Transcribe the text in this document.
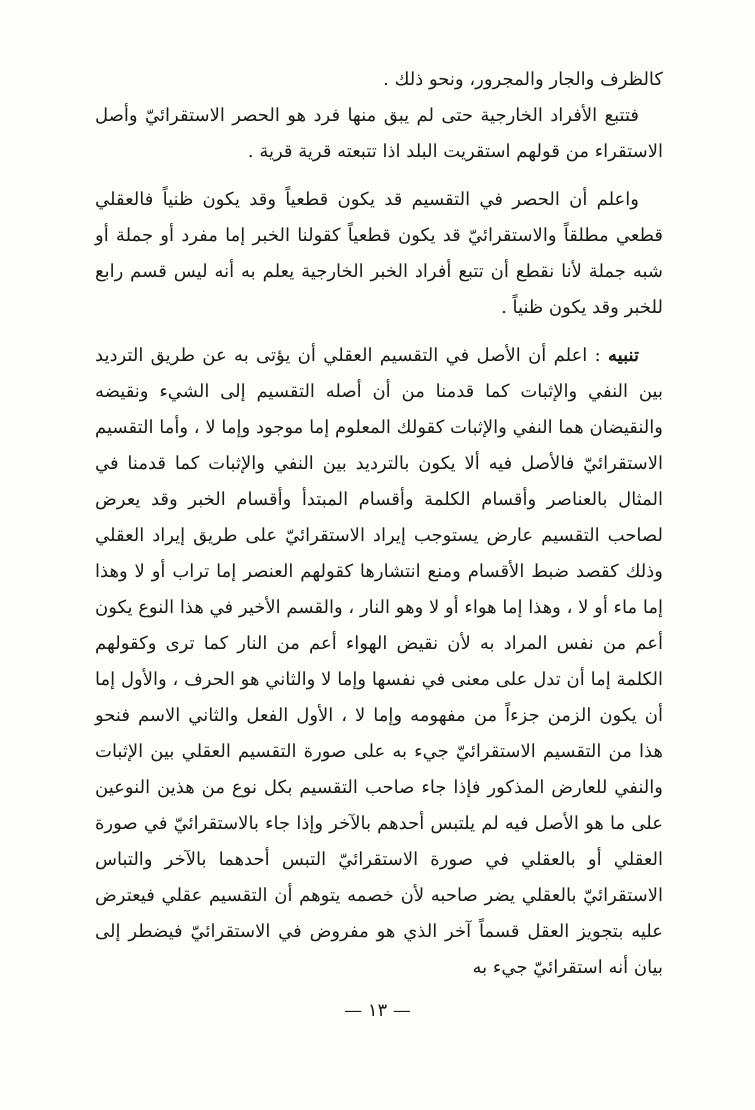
كالظرف والجار والمجرور، ونحو ذلك .

فتتبع الأفراد الخارجية حتى لم يبق منها فرد هو الحصر الاستقرائيّ وأصل الاستقراء من قولهم استقريت البلد اذا تتبعته قرية قرية .

واعلم أن الحصر في التقسيم قد يكون قطعياً وقد يكون ظنياً فالعقلي قطعي مطلقاً والاستقرائيّ قد يكون قطعياً كقولنا الخبر إما مفرد أو جملة أو شبه جملة لأنا نقطع أن تتبع أفراد الخبر الخارجية يعلم به أنه ليس قسم رابع للخبر وقد يكون ظنياً .

تنبيه : اعلم أن الأصل في التقسيم العقلي أن يؤتى به عن طريق الترديد بين النفي والإثبات كما قدمنا من أن أصله التقسيم إلى الشيء ونقيضه والنقيضان هما النفي والإثبات كقولك المعلوم إما موجود وإما لا ، وأما التقسيم الاستقرائيّ فالأصل فيه ألا يكون بالترديد بين النفي والإثبات كما قدمنا في المثال بالعناصر وأقسام الكلمة وأقسام المبتدأ وأقسام الخبر وقد يعرض لصاحب التقسيم عارض يستوجب إيراد الاستقرائيّ على طريق إيراد العقلي وذلك كقصد ضبط الأقسام ومنع انتشارها كقولهم العنصر إما تراب أو لا وهذا إما ماء أو لا ، وهذا إما هواء أو لا وهو النار ، والقسم الأخير في هذا النوع يكون أعم من نفس المراد به لأن نقيض الهواء أعم من النار كما ترى وكقولهم الكلمة إما أن تدل على معنى في نفسها وإما لا والثاني هو الحرف ، والأول إما أن يكون الزمن جزءاً من مفهومه وإما لا ، الأول الفعل والثاني الاسم فنحو هذا من التقسيم الاستقرائيّ جيء به على صورة التقسيم العقلي بين الإثبات والنفي للعارض المذكور فإذا جاء صاحب التقسيم بكل نوع من هذين النوعين على ما هو الأصل فيه لم يلتبس أحدهم بالآخر وإذا جاء بالاستقرائيّ في صورة العقلي أو بالعقلي في صورة الاستقرائيّ التبس أحدهما بالآخر والتباس الاستقرائيّ بالعقلي يضر صاحبه لأن خصمه يتوهم أن التقسيم عقلي فيعترض عليه بتجويز العقل قسماً آخر الذي هو مفروض في الاستقرائيّ فيضطر إلى بيان أنه استقرائيّ جيء به

— ١٣ —
